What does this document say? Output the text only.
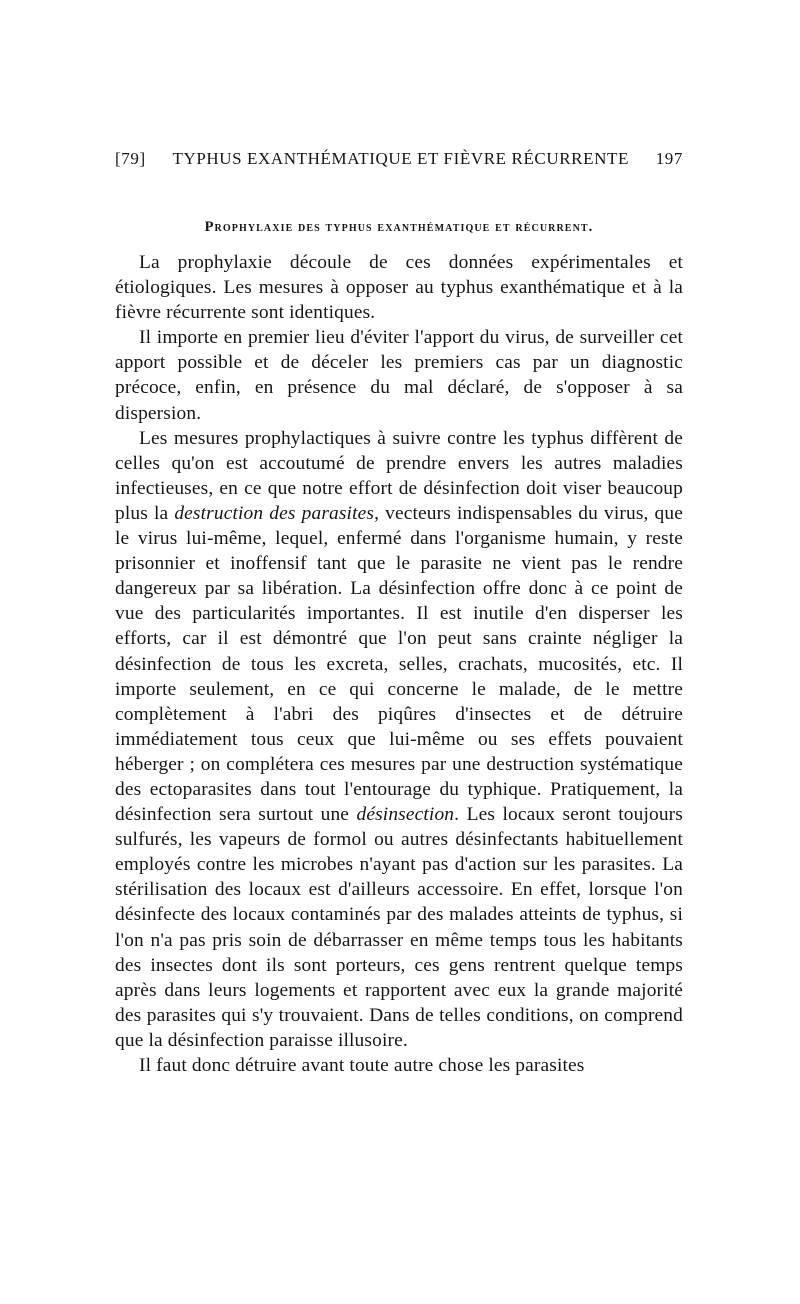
[79]	TYPHUS EXANTHÉMATIQUE ET FIÈVRE RÉCURRENTE	197
Prophylaxie des typhus exanthématique et récurrent.

La prophylaxie découle de ces données expérimentales et étiologiques. Les mesures à opposer au typhus exanthématique et à la fièvre récurrente sont identiques.

Il importe en premier lieu d'éviter l'apport du virus, de surveiller cet apport possible et de déceler les premiers cas par un diagnostic précoce, enfin, en présence du mal déclaré, de s'opposer à sa dispersion.

Les mesures prophylactiques à suivre contre les typhus diffèrent de celles qu'on est accoutumé de prendre envers les autres maladies infectieuses, en ce que notre effort de désinfection doit viser beaucoup plus la destruction des parasites, vecteurs indispensables du virus, que le virus lui-même, lequel, enfermé dans l'organisme humain, y reste prisonnier et inoffensif tant que le parasite ne vient pas le rendre dangereux par sa libération. La désinfection offre donc à ce point de vue des particularités importantes. Il est inutile d'en disperser les efforts, car il est démontré que l'on peut sans crainte négliger la désinfection de tous les excreta, selles, crachats, mucosités, etc. Il importe seulement, en ce qui concerne le malade, de le mettre complètement à l'abri des piqûres d'insectes et de détruire immédiatement tous ceux que lui-même ou ses effets pouvaient héberger ; on complétera ces mesures par une destruction systématique des ectoparasites dans tout l'entourage du typhique. Pratiquement, la désinfection sera surtout une désinsection. Les locaux seront toujours sulfurés, les vapeurs de formol ou autres désinfectants habituellement employés contre les microbes n'ayant pas d'action sur les parasites. La stérilisation des locaux est d'ailleurs accessoire. En effet, lorsque l'on désinfecte des locaux contaminés par des malades atteints de typhus, si l'on n'a pas pris soin de débarrasser en même temps tous les habitants des insectes dont ils sont porteurs, ces gens rentrent quelque temps après dans leurs logements et rapportent avec eux la grande majorité des parasites qui s'y trouvaient. Dans de telles conditions, on comprend que la désinfection paraisse illusoire.

Il faut donc détruire avant toute autre chose les parasites
